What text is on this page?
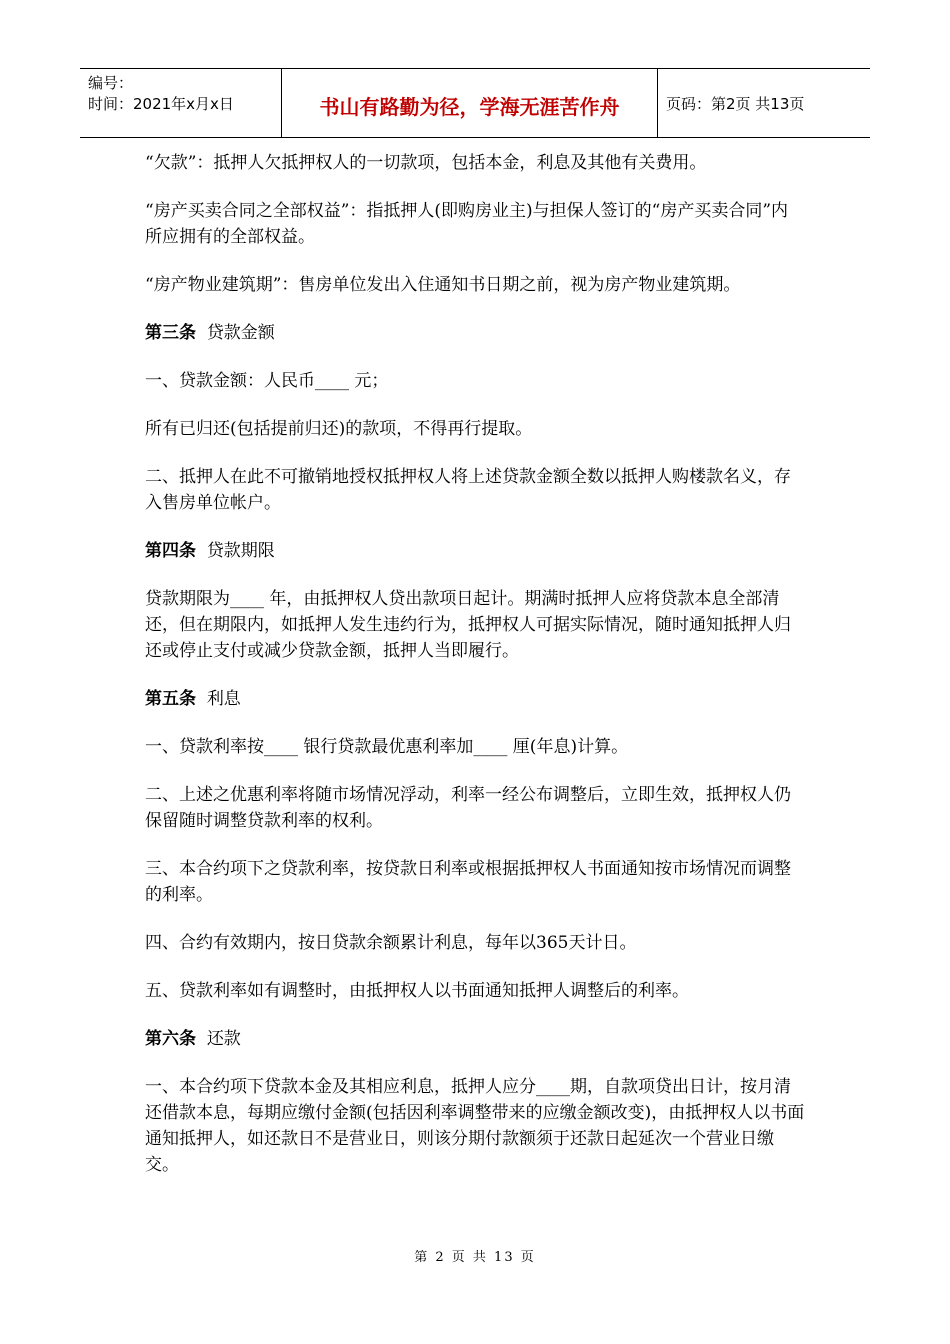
编号：
时间：2021年x月x日	书山有路勤为径，学海无涯苦作舟	页码：第2页 共13页

“欠款”：抵押人欠抵押权人的一切款项，包括本金，利息及其他有关费用。

“房产买卖合同之全部权益”：指抵押人(即购房业主)与担保人签订的“房产买卖合同”内所应拥有的全部权益。

“房产物业建筑期”：售房单位发出入住通知书日期之前，视为房产物业建筑期。

第三条 贷款金额

一、贷款金额：人民币____ 元；

所有已归还(包括提前归还)的款项，不得再行提取。

二、抵押人在此不可撤销地授权抵押权人将上述贷款金额全数以抵押人购楼款名义，存入售房单位帐户。

第四条 贷款期限

贷款期限为____ 年，由抵押权人贷出款项日起计。期满时抵押人应将贷款本息全部清还，但在期限内，如抵押人发生违约行为，抵押权人可据实际情况，随时通知抵押人归还或停止支付或减少贷款金额，抵押人当即履行。

第五条 利息

一、贷款利率按____ 银行贷款最优惠利率加____ 厘(年息)计算。

二、上述之优惠利率将随市场情况浮动，利率一经公布调整后，立即生效，抵押权人仍保留随时调整贷款利率的权利。

三、本合约项下之贷款利率，按贷款日利率或根据抵押权人书面通知按市场情况而调整的利率。

四、合约有效期内，按日贷款余额累计利息，每年以365天计日。

五、贷款利率如有调整时，由抵押权人以书面通知抵押人调整后的利率。

第六条 还款

一、本合约项下贷款本金及其相应利息，抵押人应分____期，自款项贷出日计，按月清还借款本息，每期应缴付金额(包括因利率调整带来的应缴金额改变)，由抵押权人以书面通知抵押人，如还款日不是营业日，则该分期付款额须于还款日起延次一个营业日缴交。

第 2 页 共 13 页
